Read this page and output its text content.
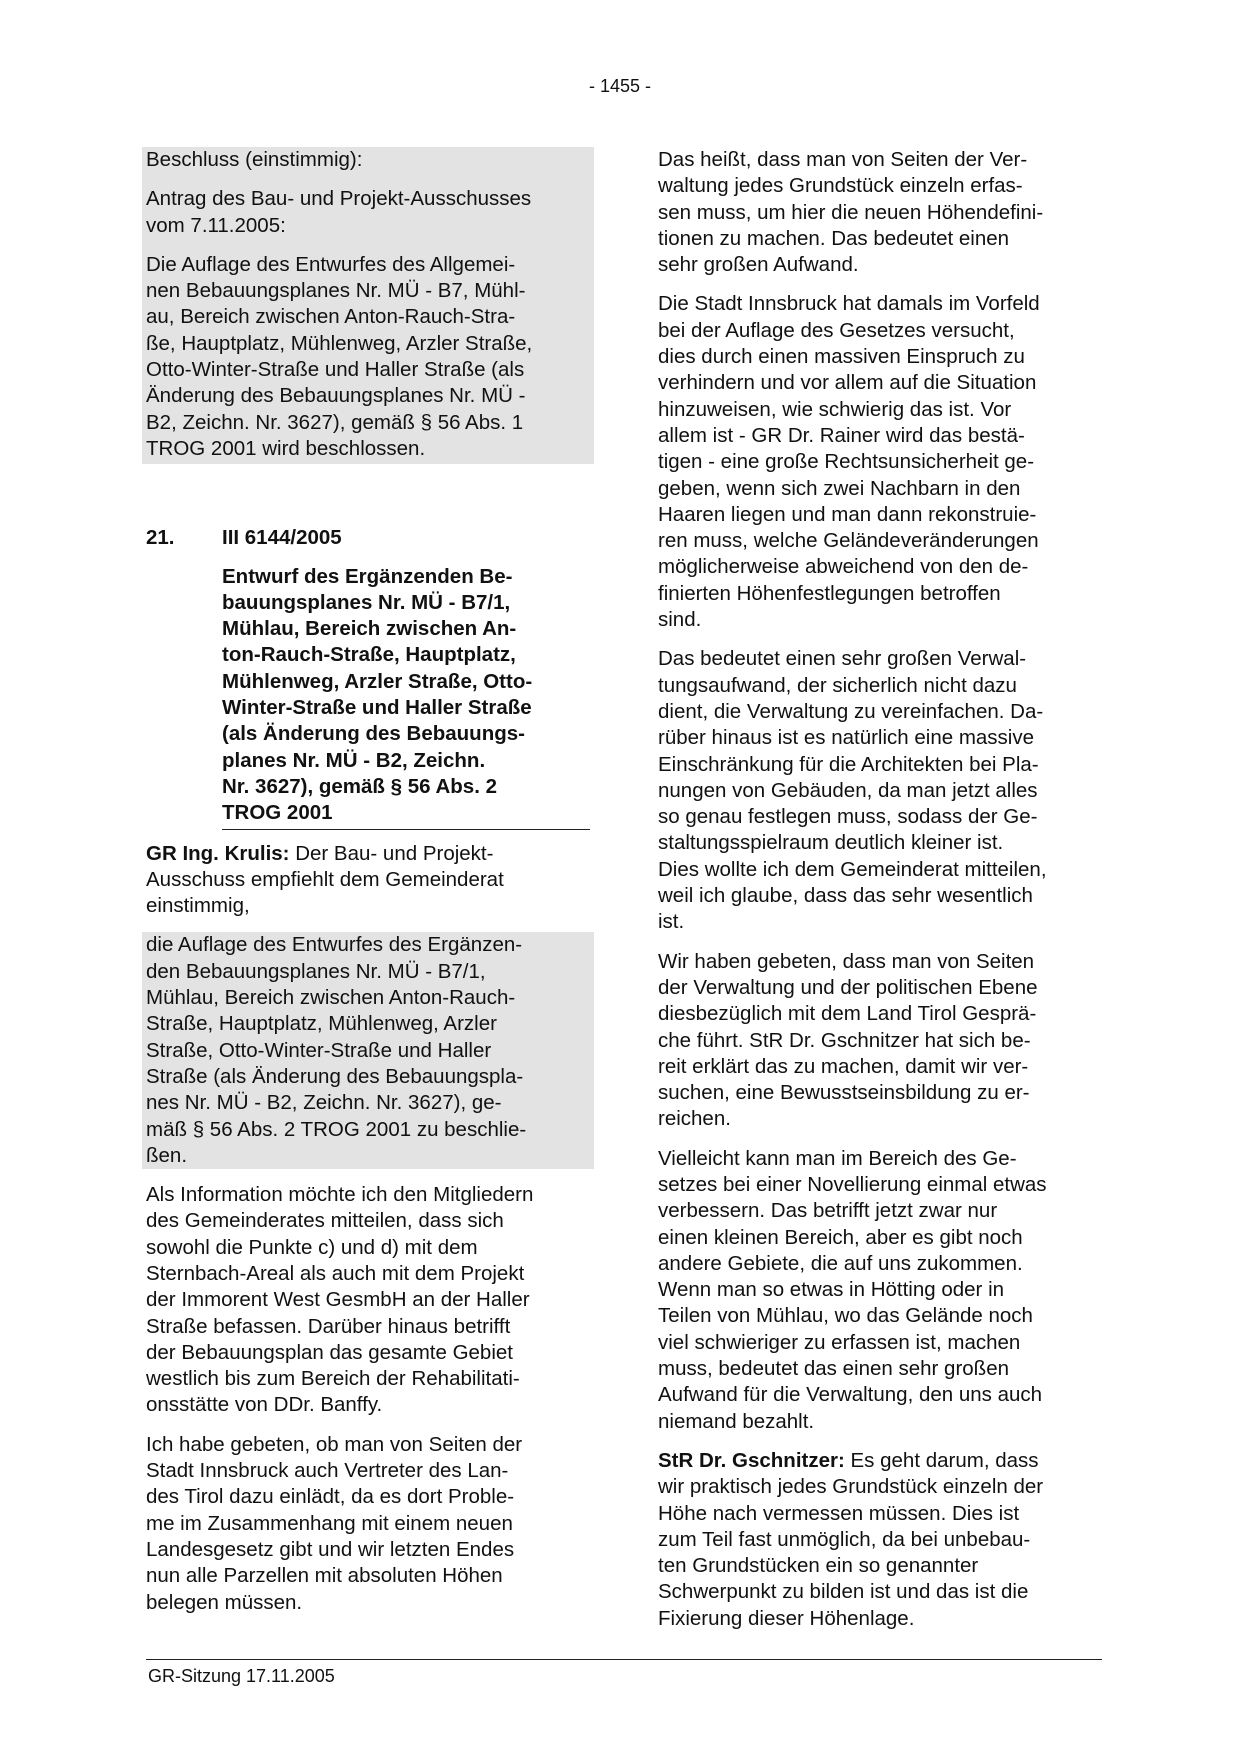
- 1455 -

Beschluss (einstimmig):

Antrag des Bau- und Projekt-Ausschusses
vom 7.11.2005:

Die Auflage des Entwurfes des Allgemei-
nen Bebauungsplanes Nr. MÜ - B7, Mühl-
au, Bereich zwischen Anton-Rauch-Stra-
ße, Hauptplatz, Mühlenweg, Arzler Straße,
Otto-Winter-Straße und Haller Straße (als
Änderung des Bebauungsplanes Nr. MÜ -
B2, Zeichn. Nr. 3627), gemäß § 56 Abs. 1
TROG 2001 wird beschlossen.

21.	III 6144/2005
Entwurf des Ergänzenden Be-
bauungsplanes Nr. MÜ - B7/1,
Mühlau, Bereich zwischen An-
ton-Rauch-Straße, Hauptplatz,
Mühlenweg, Arzler Straße, Otto-
Winter-Straße und Haller Straße
(als Änderung des Bebauungs-
planes Nr. MÜ - B2, Zeichn.
Nr. 3627), gemäß § 56 Abs. 2
TROG 2001

GR Ing. Krulis: Der Bau- und Projekt-
Ausschuss empfiehlt dem Gemeinderat
einstimmig,

die Auflage des Entwurfes des Ergänzen-
den Bebauungsplanes Nr. MÜ - B7/1,
Mühlau, Bereich zwischen Anton-Rauch-
Straße, Hauptplatz, Mühlenweg, Arzler
Straße, Otto-Winter-Straße und Haller
Straße (als Änderung des Bebauungspla-
nes Nr. MÜ - B2, Zeichn. Nr. 3627), ge-
mäß § 56 Abs. 2 TROG 2001 zu beschlie-
ßen.

Als Information möchte ich den Mitgliedern
des Gemeinderates mitteilen, dass sich
sowohl die Punkte c) und d) mit dem
Sternbach-Areal als auch mit dem Projekt
der Immorent West GesmbH an der Haller
Straße befassen. Darüber hinaus betrifft
der Bebauungsplan das gesamte Gebiet
westlich bis zum Bereich der Rehabilitati-
onsstätte von DDr. Banffy.

Ich habe gebeten, ob man von Seiten der
Stadt Innsbruck auch Vertreter des Lan-
des Tirol dazu einlädt, da es dort Proble-
me im Zusammenhang mit einem neuen
Landesgesetz gibt und wir letzten Endes
nun alle Parzellen mit absoluten Höhen
belegen müssen.

Das heißt, dass man von Seiten der Ver-
waltung jedes Grundstück einzeln erfas-
sen muss, um hier die neuen Höhendefini-
tionen zu machen. Das bedeutet einen
sehr großen Aufwand.

Die Stadt Innsbruck hat damals im Vorfeld
bei der Auflage des Gesetzes versucht,
dies durch einen massiven Einspruch zu
verhindern und vor allem auf die Situation
hinzuweisen, wie schwierig das ist. Vor
allem ist - GR Dr. Rainer wird das bestä-
tigen - eine große Rechtsunsicherheit ge-
geben, wenn sich zwei Nachbarn in den
Haaren liegen und man dann rekonstruie-
ren muss, welche Geländeveränderungen
möglicherweise abweichend von den de-
finierten Höhenfestlegungen betroffen
sind.

Das bedeutet einen sehr großen Verwal-
tungsaufwand, der sicherlich nicht dazu
dient, die Verwaltung zu vereinfachen. Da-
rüber hinaus ist es natürlich eine massive
Einschränkung für die Architekten bei Pla-
nungen von Gebäuden, da man jetzt alles
so genau festlegen muss, sodass der Ge-
staltungsspielraum deutlich kleiner ist.
Dies wollte ich dem Gemeinderat mitteilen,
weil ich glaube, dass das sehr wesentlich
ist.

Wir haben gebeten, dass man von Seiten
der Verwaltung und der politischen Ebene
diesbezüglich mit dem Land Tirol Gesprä-
che führt. StR Dr. Gschnitzer hat sich be-
reit erklärt das zu machen, damit wir ver-
suchen, eine Bewusstseinsbildung zu er-
reichen.

Vielleicht kann man im Bereich des Ge-
setzes bei einer Novellierung einmal etwas
verbessern. Das betrifft jetzt zwar nur
einen kleinen Bereich, aber es gibt noch
andere Gebiete, die auf uns zukommen.
Wenn man so etwas in Hötting oder in
Teilen von Mühlau, wo das Gelände noch
viel schwieriger zu erfassen ist, machen
muss, bedeutet das einen sehr großen
Aufwand für die Verwaltung, den uns auch
niemand bezahlt.

StR Dr. Gschnitzer: Es geht darum, dass
wir praktisch jedes Grundstück einzeln der
Höhe nach vermessen müssen. Dies ist
zum Teil fast unmöglich, da bei unbebau-
ten Grundstücken ein so genannter
Schwerpunkt zu bilden ist und das ist die
Fixierung dieser Höhenlage.

GR-Sitzung 17.11.2005
